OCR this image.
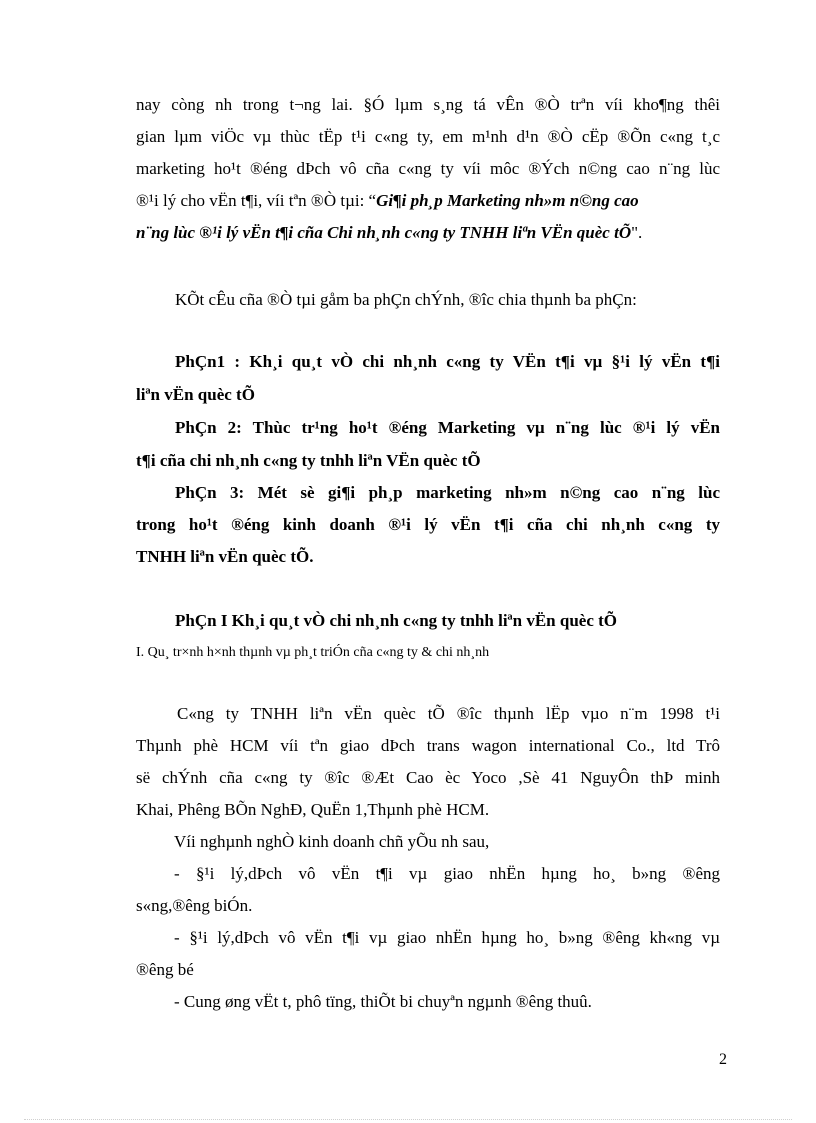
nay còng nh trong t¬ng lai. §Ó lµm s¸ng tá vÊn ®Ò trªn víi kho¶ng thêi
gian lµm viÖc vµ thùc tËp t¹i c«ng ty, em m¹nh d¹n ®Ò cËp ®Õn c«ng t¸c
marketing ho¹t ®éng dÞch vô cña c«ng ty víi môc ®Ých n©ng cao n¨ng lùc
®¹i lý cho vËn t¶i, víi tªn ®Ò tµi: “Gi¶i ph¸p Marketing nh»m n©ng cao
n¨ng lùc ®¹i lý vËn t¶i cña Chi nh¸nh c«ng ty TNHH liªn VËn quèc tÕ".
KÕt cÊu cña ®Ò tµi gåm ba phÇn chÝnh, ®îc chia thµnh ba phÇn:
PhÇn1 : Kh¸i qu¸t vÒ chi nh¸nh c«ng ty VËn t¶i vµ §¹i lý vËn t¶i
liªn vËn quèc tÕ
PhÇn 2: Thùc tr¹ng ho¹t ®éng Marketing vµ n¨ng lùc ®¹i lý vËn
t¶i cña chi nh¸nh c«ng ty tnhh liªn VËn quèc tÕ
PhÇn 3: Mét sè gi¶i ph¸p marketing nh»m n©ng cao n¨ng lùc
trong ho¹t ®éng kinh doanh ®¹i lý vËn t¶i cña chi nh¸nh c«ng ty
TNHH liªn vËn quèc tÕ.
PhÇn I Kh¸i qu¸t vÒ chi nh¸nh c«ng ty tnhh liªn vËn quèc tÕ
I. Qu¸ tr×nh h×nh thµnh vµ ph¸t triÓn cña c«ng ty & chi nh¸nh
C«ng ty TNHH liªn vËn quèc tÕ ®îc thµnh lËp vµo n¨m 1998 t¹i
Thµnh phè HCM víi tªn giao dÞch trans wagon international Co., ltd Trô
së chÝnh cña c«ng ty ®îc ®Æt Cao èc Yoco ,Sè 41 NguyÔn thÞ minh
Khai, Phêng BÕn NghÐ, QuËn 1,Thµnh phè HCM.
Víi nghµnh nghÒ kinh doanh chñ yÕu nh sau,
- §¹i lý,dÞch vô vËn t¶i vµ giao nhËn hµng ho¸ b»ng ®êng
s«ng,®êng biÓn.
- §¹i lý,dÞch vô vËn t¶i vµ giao nhËn hµng ho¸ b»ng ®êng kh«ng vµ
®êng bé
- Cung øng vËt t, phô tïng, thiÕt bi chuyªn ngµnh ®êng thuû.
2
